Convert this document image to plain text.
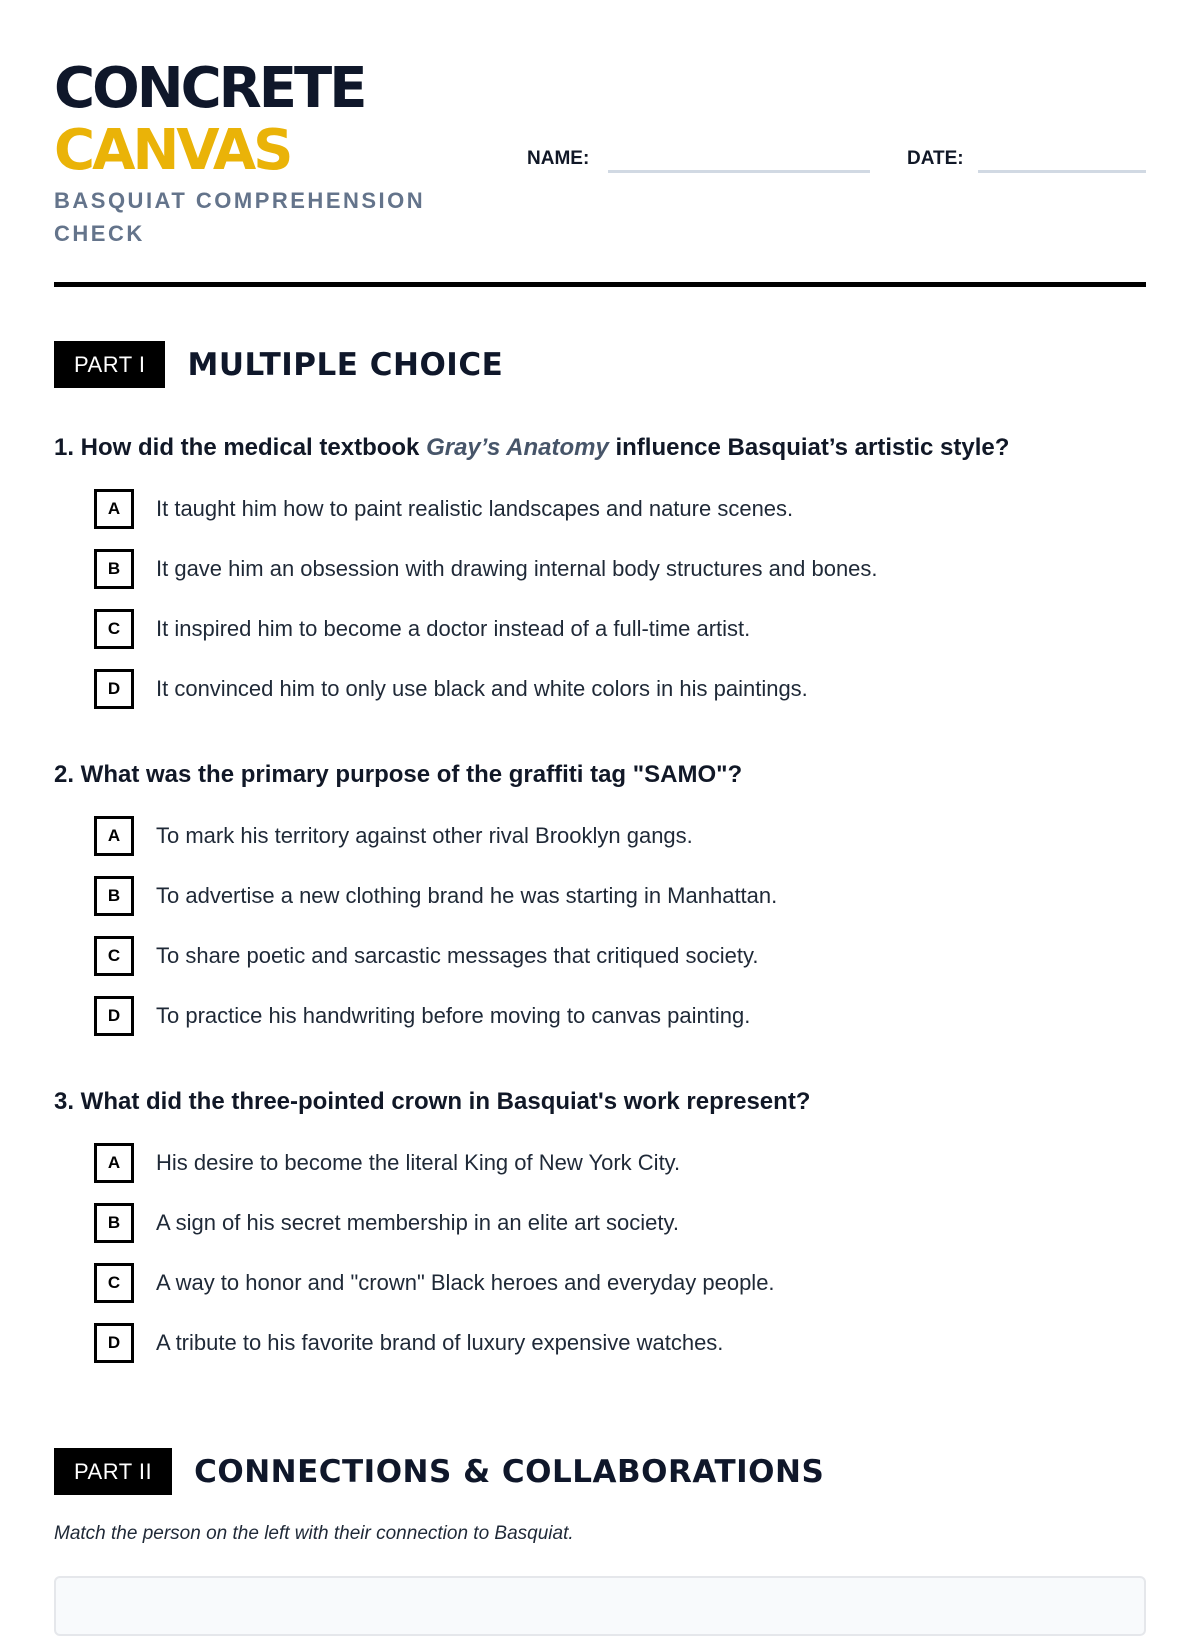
CONCRETE
CANVAS
BASQUIAT COMPREHENSION CHECK
NAME:	DATE:
PART I	MULTIPLE CHOICE
1. How did the medical textbook Gray’s Anatomy influence Basquiat’s artistic style?
A	It taught him how to paint realistic landscapes and nature scenes.
B	It gave him an obsession with drawing internal body structures and bones.
C	It inspired him to become a doctor instead of a full-time artist.
D	It convinced him to only use black and white colors in his paintings.
2. What was the primary purpose of the graffiti tag "SAMO"?
A	To mark his territory against other rival Brooklyn gangs.
B	To advertise a new clothing brand he was starting in Manhattan.
C	To share poetic and sarcastic messages that critiqued society.
D	To practice his handwriting before moving to canvas painting.
3. What did the three-pointed crown in Basquiat's work represent?
A	His desire to become the literal King of New York City.
B	A sign of his secret membership in an elite art society.
C	A way to honor and "crown" Black heroes and everyday people.
D	A tribute to his favorite brand of luxury expensive watches.
PART II	CONNECTIONS & COLLABORATIONS
Match the person on the left with their connection to Basquiat.
